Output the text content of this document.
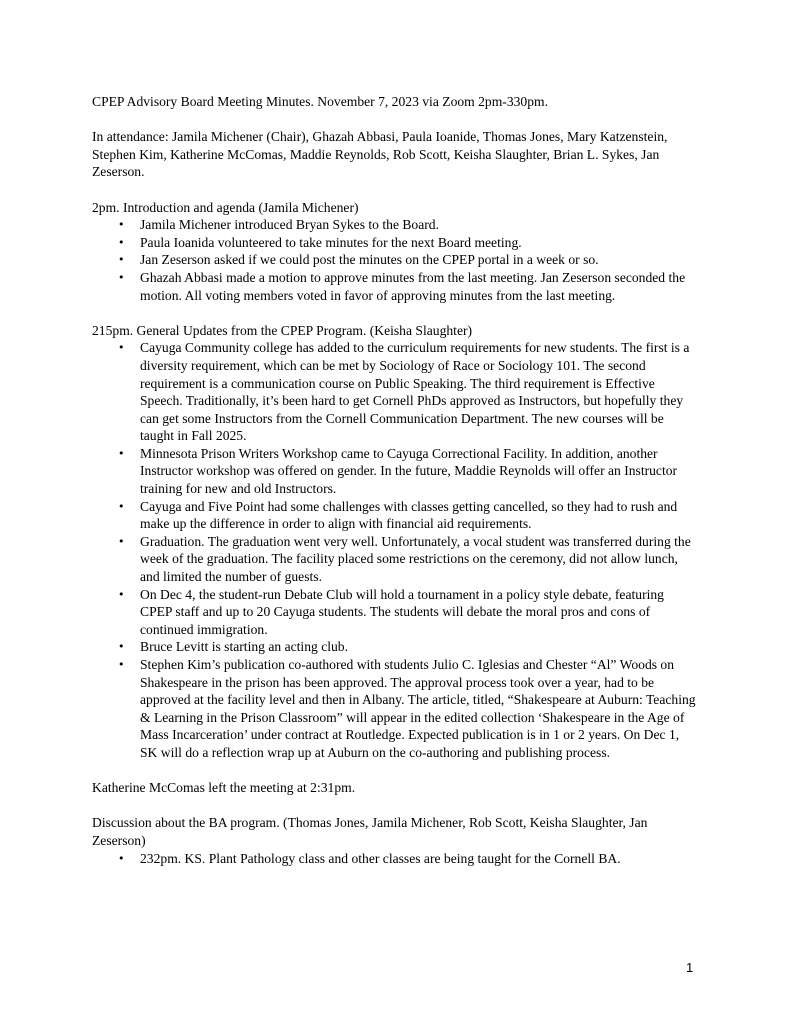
CPEP Advisory Board Meeting Minutes. November 7, 2023 via Zoom 2pm-330pm.

In attendance: Jamila Michener (Chair), Ghazah Abbasi, Paula Ioanide, Thomas Jones, Mary Katzenstein, Stephen Kim, Katherine McComas, Maddie Reynolds, Rob Scott, Keisha Slaughter, Brian L. Sykes, Jan Zeserson.

2pm. Introduction and agenda (Jamila Michener)
• Jamila Michener introduced Bryan Sykes to the Board.
• Paula Ioanida volunteered to take minutes for the next Board meeting.
• Jan Zeserson asked if we could post the minutes on the CPEP portal in a week or so.
• Ghazah Abbasi made a motion to approve minutes from the last meeting. Jan Zeserson seconded the motion. All voting members voted in favor of approving minutes from the last meeting.
215pm. General Updates from the CPEP Program. (Keisha Slaughter)
• Cayuga Community college has added to the curriculum requirements for new students. The first is a diversity requirement, which can be met by Sociology of Race or Sociology 101. The second requirement is a communication course on Public Speaking. The third requirement is Effective Speech. Traditionally, it’s been hard to get Cornell PhDs approved as Instructors, but hopefully they can get some Instructors from the Cornell Communication Department. The new courses will be taught in Fall 2025.
• Minnesota Prison Writers Workshop came to Cayuga Correctional Facility. In addition, another Instructor workshop was offered on gender. In the future, Maddie Reynolds will offer an Instructor training for new and old Instructors.
• Cayuga and Five Point had some challenges with classes getting cancelled, so they had to rush and make up the difference in order to align with financial aid requirements.
• Graduation. The graduation went very well. Unfortunately, a vocal student was transferred during the week of the graduation. The facility placed some restrictions on the ceremony, did not allow lunch, and limited the number of guests.
• On Dec 4, the student-run Debate Club will hold a tournament in a policy style debate, featuring CPEP staff and up to 20 Cayuga students. The students will debate the moral pros and cons of continued immigration.
• Bruce Levitt is starting an acting club.
• Stephen Kim’s publication co-authored with students Julio C. Iglesias and Chester “Al” Woods on Shakespeare in the prison has been approved. The approval process took over a year, had to be approved at the facility level and then in Albany. The article, titled, “Shakespeare at Auburn: Teaching & Learning in the Prison Classroom” will appear in the edited collection ‘Shakespeare in the Age of Mass Incarceration’ under contract at Routledge. Expected publication is in 1 or 2 years. On Dec 1, SK will do a reflection wrap up at Auburn on the co-authoring and publishing process.

Katherine McComas left the meeting at 2:31pm.

Discussion about the BA program. (Thomas Jones, Jamila Michener, Rob Scott, Keisha Slaughter, Jan Zeserson)
• 232pm. KS. Plant Pathology class and other classes are being taught for the Cornell BA.
1
